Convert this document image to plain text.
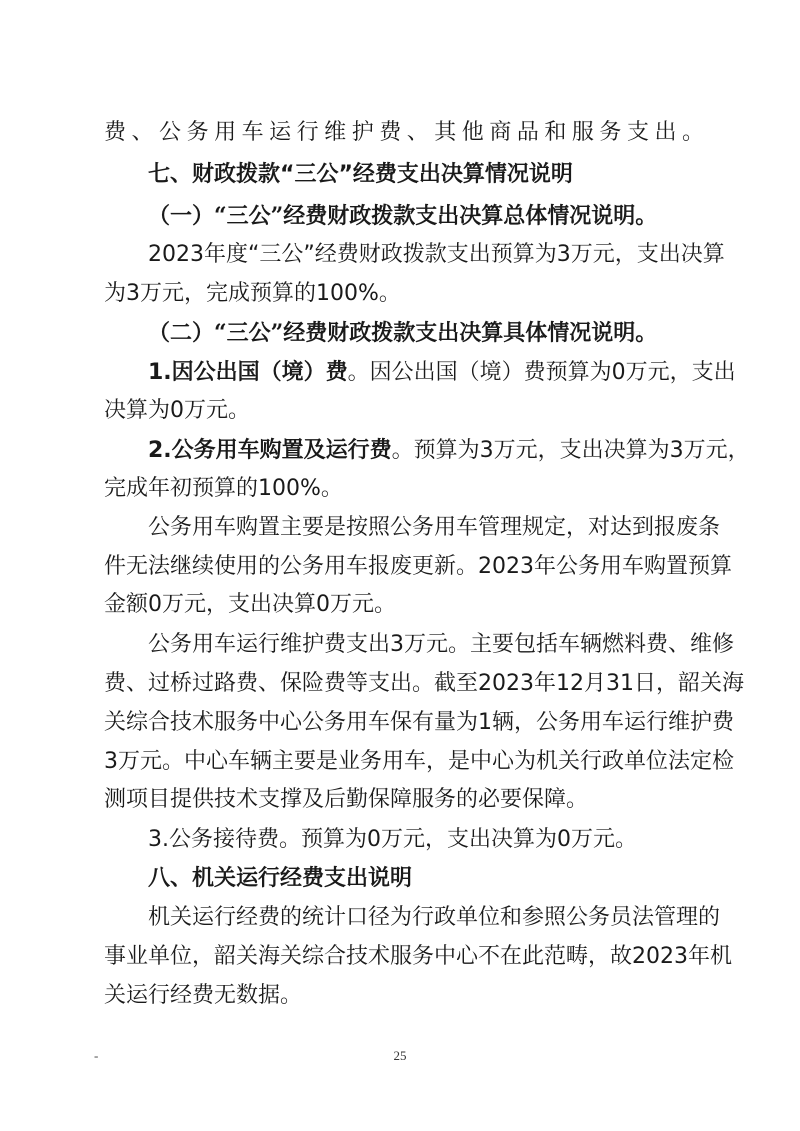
费、公务用车运行维护费、其他商品和服务支出。
七、财政拨款“三公”经费支出决算情况说明
（一）“三公”经费财政拨款支出决算总体情况说明。
2023年度“三公”经费财政拨款支出预算为3万元，支出决算
为3万元，完成预算的100%。
（二）“三公”经费财政拨款支出决算具体情况说明。
1.因公出国（境）费。因公出国（境）费预算为0万元，支出
决算为0万元。
2.公务用车购置及运行费。预算为3万元，支出决算为3万元，
完成年初预算的100%。
公务用车购置主要是按照公务用车管理规定，对达到报废条
件无法继续使用的公务用车报废更新。2023年公务用车购置预算
金额0万元，支出决算0万元。
公务用车运行维护费支出3万元。主要包括车辆燃料费、维修
费、过桥过路费、保险费等支出。截至2023年12月31日，韶关海
关综合技术服务中心公务用车保有量为1辆，公务用车运行维护费
3万元。中心车辆主要是业务用车，是中心为机关行政单位法定检
测项目提供技术支撑及后勤保障服务的必要保障。
3.公务接待费。预算为0万元，支出决算为0万元。
八、机关运行经费支出说明
机关运行经费的统计口径为行政单位和参照公务员法管理的
事业单位，韶关海关综合技术服务中心不在此范畴，故2023年机
关运行经费无数据。
-	25
